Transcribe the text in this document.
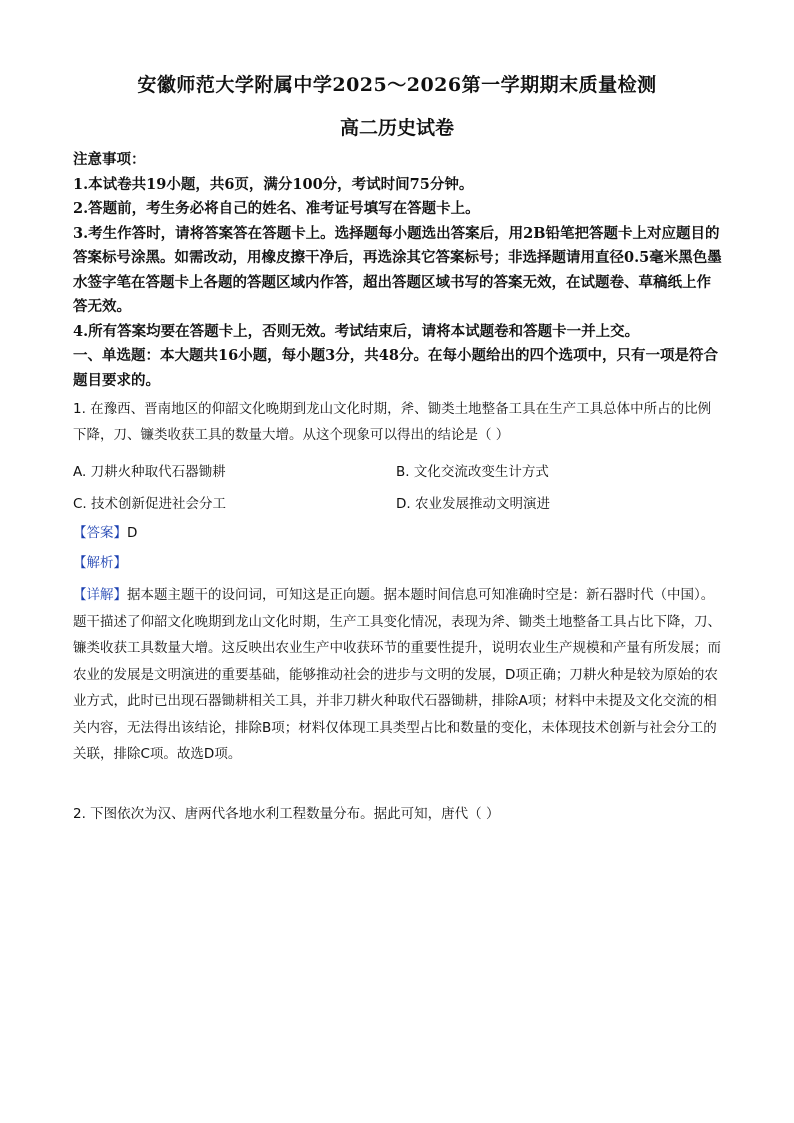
安徽师范大学附属中学2025～2026第一学期期末质量检测
高二历史试卷

注意事项：

1.本试卷共19小题，共6页，满分100分，考试时间75分钟。

2.答题前，考生务必将自己的姓名、准考证号填写在答题卡上。

3.考生作答时，请将答案答在答题卡上。选择题每小题选出答案后，用2B铅笔把答题卡上对应题目的答案标号涂黑。如需改动，用橡皮擦干净后，再选涂其它答案标号；非选择题请用直径0.5毫米黑色墨水签字笔在答题卡上各题的答题区域内作答，超出答题区域书写的答案无效，在试题卷、草稿纸上作答无效。

4.所有答案均要在答题卡上，否则无效。考试结束后，请将本试题卷和答题卡一并上交。

一、单选题：本大题共16小题，每小题3分，共48分。在每小题给出的四个选项中，只有一项是符合题目要求的。

1. 在豫西、晋南地区的仰韶文化晚期到龙山文化时期，斧、锄类土地整备工具在生产工具总体中所占的比例下降，刀、镰类收获工具的数量大增。从这个现象可以得出的结论是（ ）

A. 刀耕火种取代石器锄耕	B. 文化交流改变生计方式
C. 技术创新促进社会分工	D. 农业发展推动文明演进

【答案】D

【解析】

【详解】据本题主题干的设问词，可知这是正向题。据本题时间信息可知准确时空是：新石器时代（中国）。题干描述了仰韶文化晚期到龙山文化时期，生产工具变化情况，表现为斧、锄类土地整备工具占比下降，刀、镰类收获工具数量大增。这反映出农业生产中收获环节的重要性提升，说明农业生产规模和产量有所发展；而农业的发展是文明演进的重要基础，能够推动社会的进步与文明的发展，D项正确；刀耕火种是较为原始的农业方式，此时已出现石器锄耕相关工具，并非刀耕火种取代石器锄耕，排除A项；材料中未提及文化交流的相关内容，无法得出该结论，排除B项；材料仅体现工具类型占比和数量的变化，未体现技术创新与社会分工的关联，排除C项。故选D项。

2. 下图依次为汉、唐两代各地水利工程数量分布。据此可知，唐代（ ）
